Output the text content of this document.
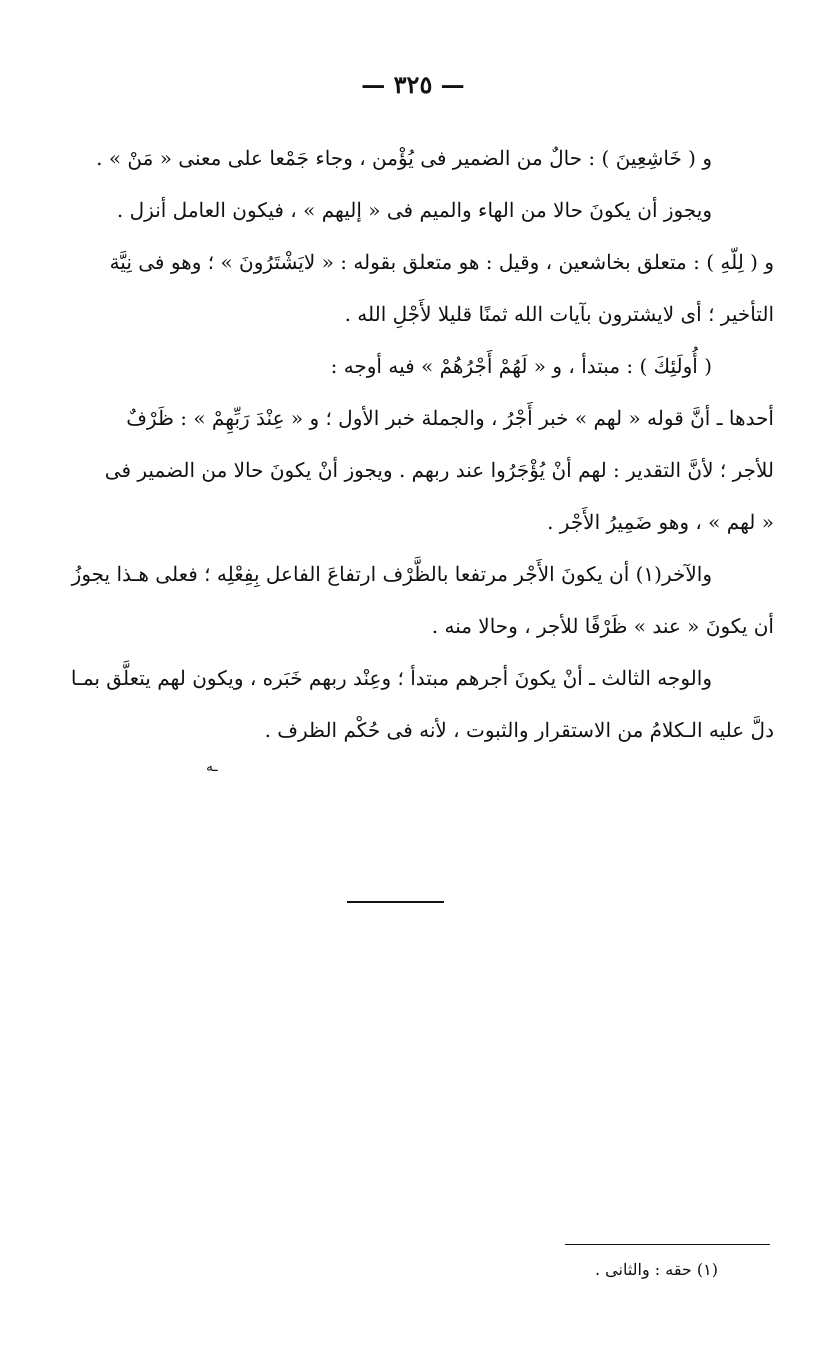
— ٣٢٥ —
و ( خَاشِعِينَ ) : حالٌ من الضمير فى يُؤْمن ، وجاء جَمْعا على معنى « مَنْ » .
ويجوز أن يكونَ حالا من الهاء والميم فى « إليهم » ، فيكون العامل أنزل .
و ( لِلّهِ ) : متعلق بخاشعين ، وقيل : هو متعلق بقوله : « لايَشْتَرُونَ » ؛ وهو فى نِيَّة
التأخير ؛ أى لايشترون بآيات الله ثمنًا قليلا لأَجْلِ الله .
( أُولَئِكَ ) : مبتدأ ، و « لَهُمْ أَجْرُهُمْ » فيه أوجه :
أحدها ـ أنَّ قوله « لهم » خبر أَجْرُ ، والجملة خبر الأول ؛ و « عِنْدَ رَبِّهِمْ » : ظَرْفٌ
للأجر ؛ لأنَّ التقدير : لهم أنْ يُؤْجَرُوا عند ربهم . ويجوز أنْ يكونَ حالا من الضمير فى
« لهم » ، وهو ضَمِيرُ الأَجْر .
والآخر(١) أن يكونَ الأَجْر مرتفعا بالظَّرْف ارتفاعَ الفاعل بِفِعْلِه ؛ فعلى هـذا يجوزُ
أن يكونَ « عند » ظَرْفًا للأجر ، وحالا منه .
والوجه الثالث ـ أنْ يكونَ أجرهم مبتدأ ؛ وعِنْد ربهم خَبَره ، ويكون لهم يتعلَّق بمـا
دلَّ عليه الـكلامُ من الاستقرار والثبوت ، لأنه فى حُكْم الظرف .
ـه
(١) حقه : والثانى .
